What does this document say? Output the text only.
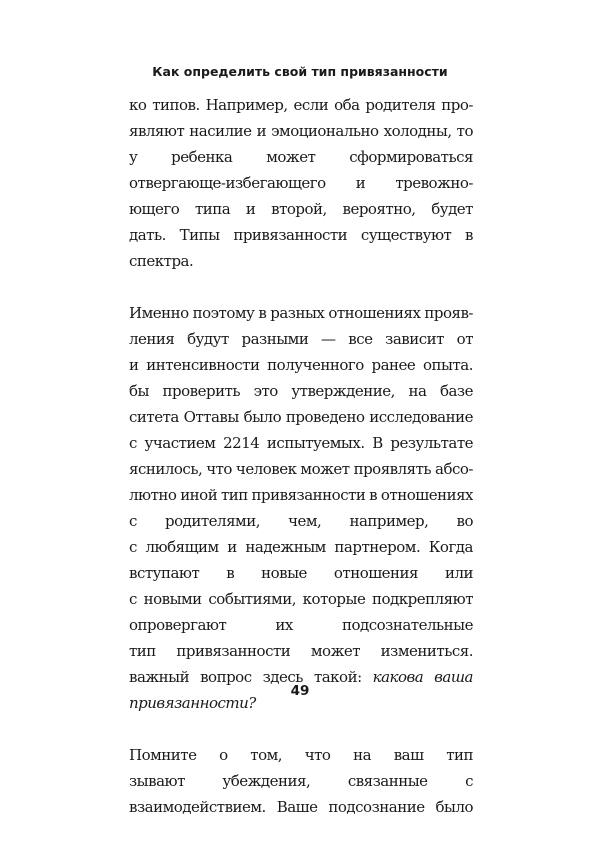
Как определить свой тип привязанности
ко типов. Например, если оба родителя про-
являют насилие и эмоционально холодны, то
у ребенка может сформироваться
отвергающе-избегающего и тревожно-
ющего типа и второй, вероятно, будет
дать. Типы привязанности существуют в
спектра.
Именно поэтому в разных отношениях прояв-
ления будут разными — все зависит от
и интенсивности полученного ранее опыта.
бы проверить это утверждение, на базе
ситета Оттавы было проведено исследование
с участием 2214 испытуемых. В результате
яснилось, что человек может проявлять абсо-
лютно иной тип привязанности в отношениях
с родителями, чем, например, во
с любящим и надежным партнером. Когда
вступают в новые отношения или
с новыми событиями, которые подкрепляют
опровергают их подсознательные
тип привязанности может измениться.
важный вопрос здесь такой: какова ваша
привязанности?
Помните о том, что на ваш тип
зывают убеждения, связанные с
взаимодействием. Ваше подсознание было
49
